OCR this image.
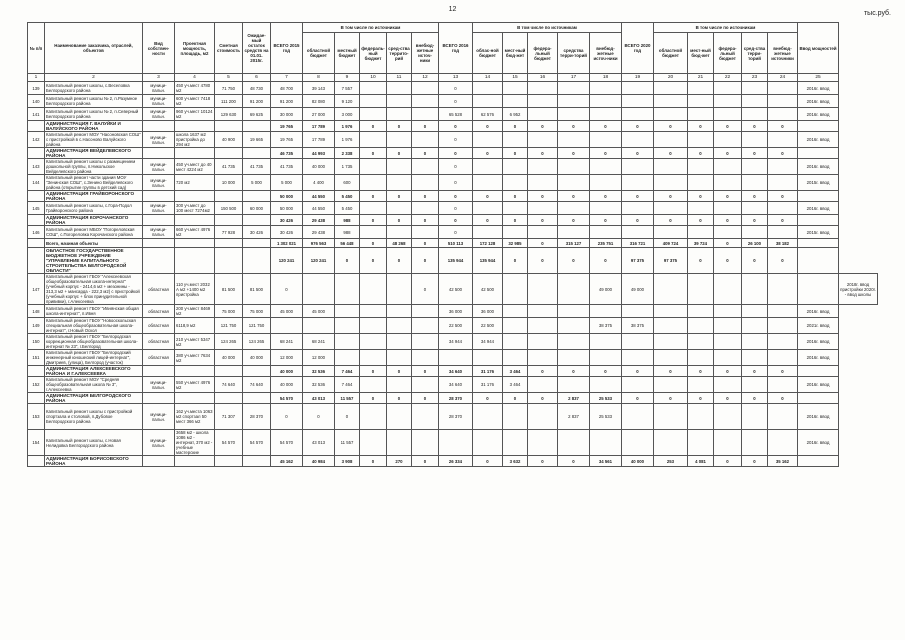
12
тыс.руб.
№ п/п	Наименование заказчика, отраслей, объектов	Вид собствен-ности	Проектная мощность, площадь, м2	Сметная стоимость	Ожидае-мый остаток средств на 01.01. 2015г.	ВСЕГО 2015 год	В том числе по источникам					ВСЕГО 2016 год	В том числе по источникам					ВСЕГО 2020 год	В том числе по источникам					Ввод мощностей	
							областной бюджет	местный бюджет	федераль-ный бюджет	сред-ства террито-рий	внебюд-жетные источ-ники		облас-ной бюджет	мест-ный бюд-жет	федера-льный бюджет	средства терри-торий	внебюд-жетные источ-ники		областной бюджет	мест-ный бюд-жет	федера-льный бюджет	сред-ства терри-торий	внебюд-жетные источники		
1	2	3	4	5	6	7	8	9	10	11	12	13	14	15	16	17	18	19	20	21	22	23	24	25	
139	Капитальный ремонт школы, с.Веселовка Белгородского района	муници-пальн.	450 уч.мест 4780 м2	71 750	48 730	48 700	39 143	7 557				0												2016г. ввод	
140	Капитальный ремонт школы № 2, п.Разумное Белгородского района	муници-пальн.	600 уч.мест 7418 м2	111 200	91 200	91 200	82 080	9 120				0												2016г. ввод	
141	Капитальный ремонт школы № 2, п.Северный Белгородского района	муници-пальн.	960 уч.мест 10124 м2	129 630	69 625	30 000	27 000	3 000				65 528	62 576	6 952										2016г. ввод	
	АДМИНИСТРАЦИЯ Г. ВАЛУЙКИ И ВАЛУЙСКОГО РАЙОНА					19 765	17 789	1 976	0	0	0	0	0	0	0	0	0	0	0	0	0	0	0		
142	Капитальный ремонт МОУ "Насоновская СОШ" с пристройкой в с.Насоново Валуйского района	муници-пальн.	школа 1637 м2 пристройка до 294 м2	40 900	19 665	19 765	17 789	1 976				0												2016г. ввод	
	АДМИНИСТРАЦИЯ ВЕЙДЕЛЕВСКОГО РАЙОНА					46 735	44 993	2 338	0	0	0	0	0	0	0	0	0	0	0	0	0	0	0		
143	Капитальный ремонт школы с размещением дошкольной группы, п.Никольское Вейделевского района	муници-пальн.	450 уч.мест до 40 мест 4224 м2	41 735	41 735	41 735	40 000	1 735				0												2016г. ввод	
144	Капитальный ремонт части здания МОУ "Зенинская СОШ", с.Зенино Вейделевского района (открытие группы в детский сад)	муници-пальн.	720 м2	10 000	5 000	5 000	4 400	600				0												2015г. ввод	
	АДМИНИСТРАЦИЯ ГРАЙВОРОНСКОГО РАЙОНА					50 000	44 550	5 450	0	0	0	0	0	0	0	0	0	0	0	0	0	0	0		
145	Капитальный ремонт школы, с.Гора-Подол Грайворонского района	муници-пальн.	300 уч.мест до 100 мест 7274м2	150 500	60 000	50 000	44 550	5 450				0												2016г. ввод	
	АДМИНИСТРАЦИЯ КОРОЧАНСКОГО РАЙОНА					30 426	29 438	988	0	0	0	0	0	0	0	0	0	0	0	0	0	0	0		
146	Капитальный ремонт МБОУ "Погореловская СОШ", с.Погореловка Корочанского района	муници-пальн.	660 уч.мест 4976 м2	77 928	30 426	30 426	29 438	988				0												2015г. ввод	
	Всего, начиная объекты					1 302 021	976 563	56 448	0	48 268	0	510 113	172 128	32 985	0	315 127	235 751	316 721	409 724	39 724	0	26 100	38 182		
	ОБЛАСТНОЕ ГОСУДАРСТВЕННОЕ БЮДЖЕТНОЕ УЧРЕЖДЕНИЕ "УПРАВЛЕНИЕ КАПИТАЛЬНОГО СТРОИТЕЛЬСТВА БЕЛГОРОДСКОЙ ОБЛАСТИ"					120 241	120 241	0	0	0	0	135 944	135 944	0	0	0	0	97 375	97 375	0	0	0	0		
147	Капитальный ремонт ГБОУ "Алексеевская общеобразовательная школа-интернат" (учебный корпус - 2414,6 м2 + мезонины - 313,3 м2 + мансарда - 222,3 м2) с пристройкой (учебный корпус + блок принудительной прививки), г.Алексеевка	областная	110 уч.мест 2032 А м2 +1400 м2 пристройка	81 500	81 500	0					0	42 500	42 500				49 000	49 000							2018г. ввод пристройки 2020г. - ввод школы
148	Капитальный ремонт ГБОУ "Ивнянская общая школа-интернат", п.Ивня	областная	200 уч.мест 8469 м2	75 000	75 000	45 000	45 000					36 000	36 000											2016г. ввод	
149	Капитальный ремонт ГБОУ "Новооскольская специальная общеобразовательная школа-интернат", г.Новый Оскол	областная	6118,9 м2	121 750	121 750							22 500	22 500				38 375	38 375						2021г. ввод	
150	Капитальный ремонт ГБОУ "Белгородская коррекционная общеобразовательная школа-интернат № 23", г.Белгород	областная	210 уч.мест 5347 м2	124 265	124 265	68 241	68 241					34 944	34 944											2016г. ввод	
151	Капитальный ремонт ГБОУ "Белгородский инженерный юношеский лицей-интернат", Дмитриев, (улица), Белгород (участок)	областная	380 уч.мест 7634 м2	40 000	40 000	12 000	12 000																	2016г. ввод	
	АДМИНИСТРАЦИЯ АЛЕКСЕЕВСКОГО РАЙОНА И Г.АЛЕКСЕЕВКА					40 000	32 536	7 464	0	0	0	34 640	31 176	3 464	0	0	0	0	0	0	0	0	0		
152	Капитальный ремонт МОУ "Средняя общеобразовательная школа № 3", г.Алексеевка	муници-пальн.	550 уч.мест 4976 м2	74 640	74 640	40 000	32 536	7 464				34 640	31 176	3 464										2016г. ввод	
	АДМИНИСТРАЦИЯ БЕЛГОРОДСКОГО РАЙОНА					54 570	43 013	11 557	0	0	0	28 370	0	0	0	2 837	25 533	0	0	0	0	0	0		
153	Капитальный ремонт школы с пристройкой спортзала и столовой, п.Дубовое Белгородского района	муници-пальн.	162 уч.места 1063 м2 спортзал 50 мест 366 м2	71 307	28 370	0	0	0				28 370				2 837	25 533							2016г. ввод	
154	Капитальный ремонт школы, с.Новая Нелидовка Белгородского района	муници-пальн.	3658 м2 - школа 1086 м2 - интернат, 370 м2 - учебные мастерские	54 570	54 570	54 570	43 013	11 557																2016г. ввод	
	АДМИНИСТРАЦИЯ БОРИСОВСКОГО РАЙОНА					45 162	40 984	3 908	0	270	0	26 334	0	3 632	0	0	34 561	40 000	253	4 081	0	0	35 162		
